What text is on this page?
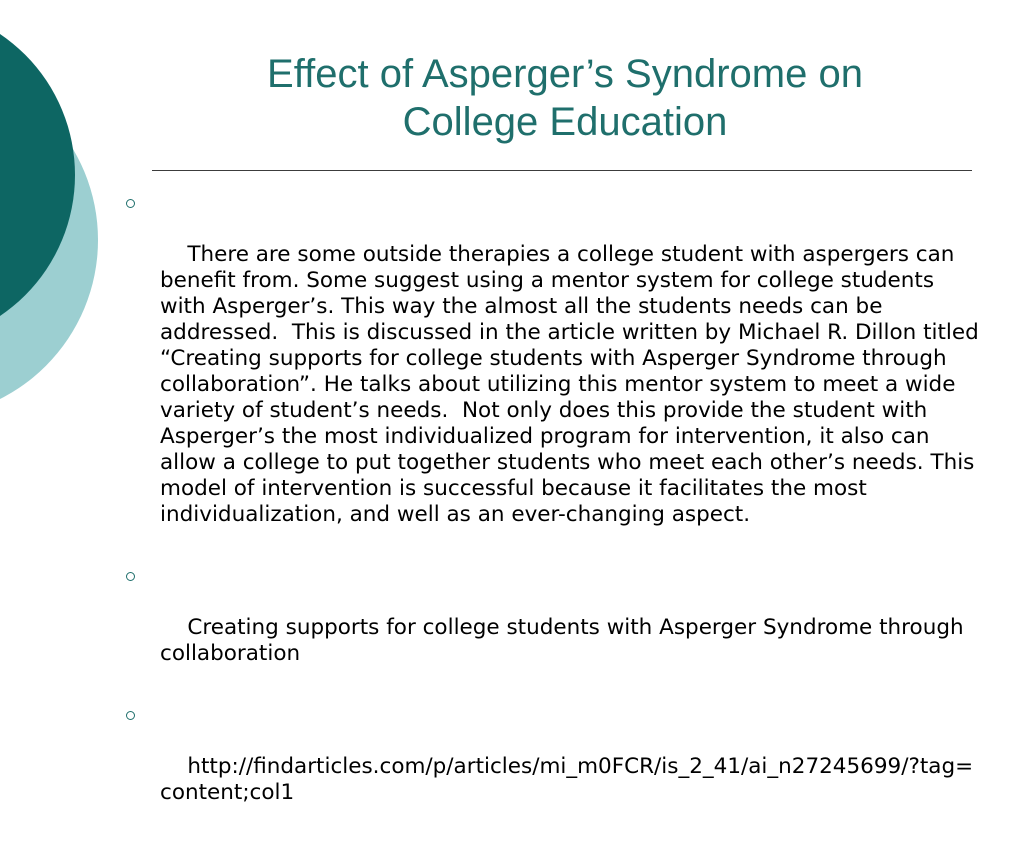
Effect of Asperger’s Syndrome on
College Education

There are some outside therapies a college student with aspergers can benefit from. Some suggest using a mentor system for college students with Asperger’s. This way the almost all the students needs can be addressed.  This is discussed in the article written by Michael R. Dillon titled “Creating supports for college students with Asperger Syndrome through collaboration”. He talks about utilizing this mentor system to meet a wide variety of student’s needs.  Not only does this provide the student with Asperger’s the most individualized program for intervention, it also can allow a college to put together students who meet each other’s needs. This model of intervention is successful because it facilitates the most individualization, and well as an ever-changing aspect.

Creating supports for college students with Asperger Syndrome through collaboration

http://findarticles.com/p/articles/mi_m0FCR/is_2_41/ai_n27245699/?tag=content;col1
